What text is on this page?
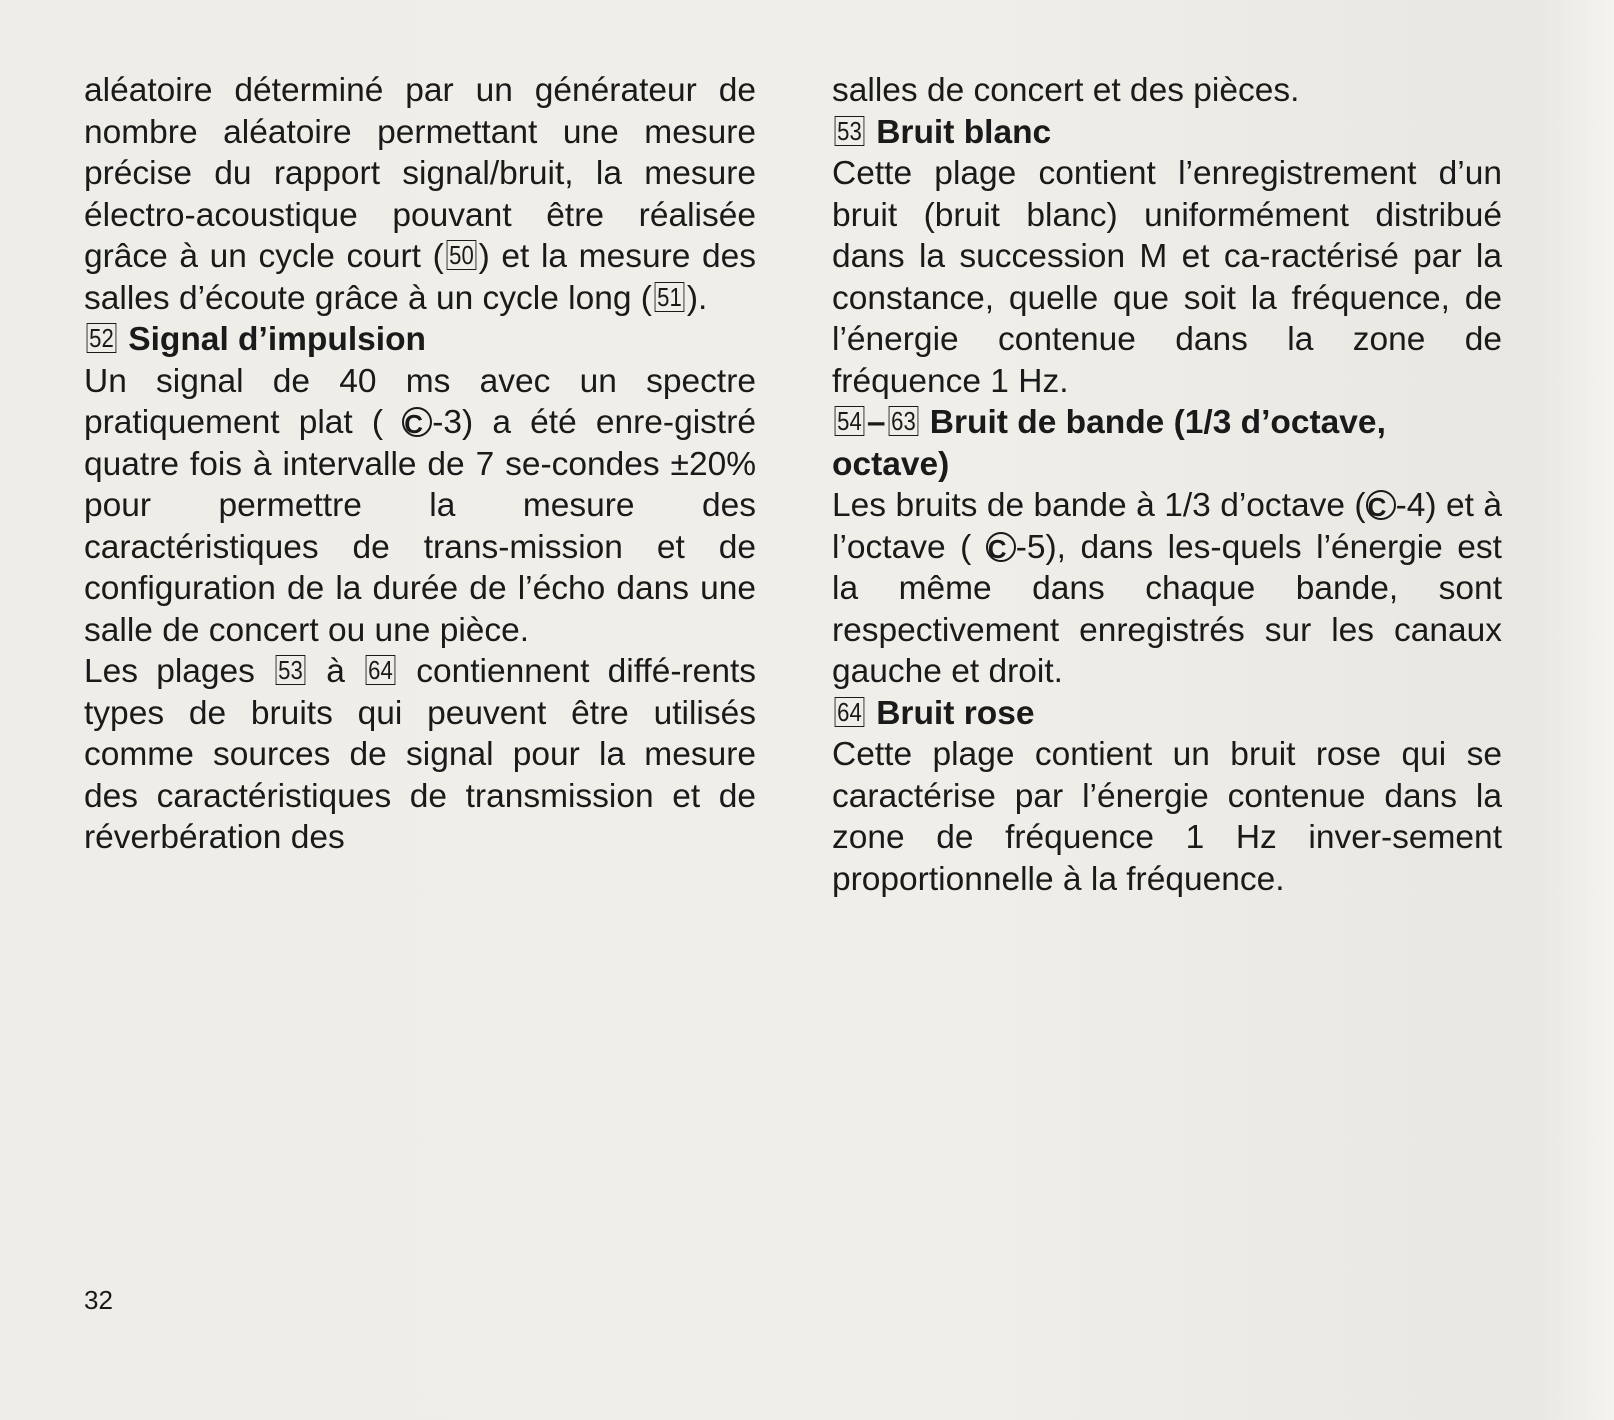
aléatoire déterminé par un générateur de nombre aléatoire permettant une mesure précise du rapport signal/bruit, la mesure électro-acoustique pouvant être réalisée grâce à un cycle court ( 50 ) et la mesure des salles d’écoute grâce à un cycle long ( 51 ).

52 Signal d’impulsion

Un signal de 40 ms avec un spectre pratiquement plat ( C -3) a été enre-gistré quatre fois à intervalle de 7 se-condes ±20% pour permettre la mesure des caractéristiques de trans-mission et de configuration de la durée de l’écho dans une salle de concert ou une pièce.

Les plages 53 à 64 contiennent diffé-rents types de bruits qui peuvent être utilisés comme sources de signal pour la mesure des caractéristiques de transmission et de réverbération des

salles de concert et des pièces.

53 Bruit blanc

Cette plage contient l’enregistrement d’un bruit (bruit blanc) uniformément distribué dans la succession M et ca-ractérisé par la constance, quelle que soit la fréquence, de l’énergie contenue dans la zone de fréquence 1 Hz.

54 – 63 Bruit de bande (1/3 d’octave, octave)

Les bruits de bande à 1/3 d’octave (C -4) et à l’octave ( C -5), dans les-quels l’énergie est la même dans chaque bande, sont respectivement enregistrés sur les canaux gauche et droit.

64 Bruit rose

Cette plage contient un bruit rose qui se caractérise par l’énergie contenue dans la zone de fréquence 1 Hz inver-sement proportionnelle à la fréquence.

32
